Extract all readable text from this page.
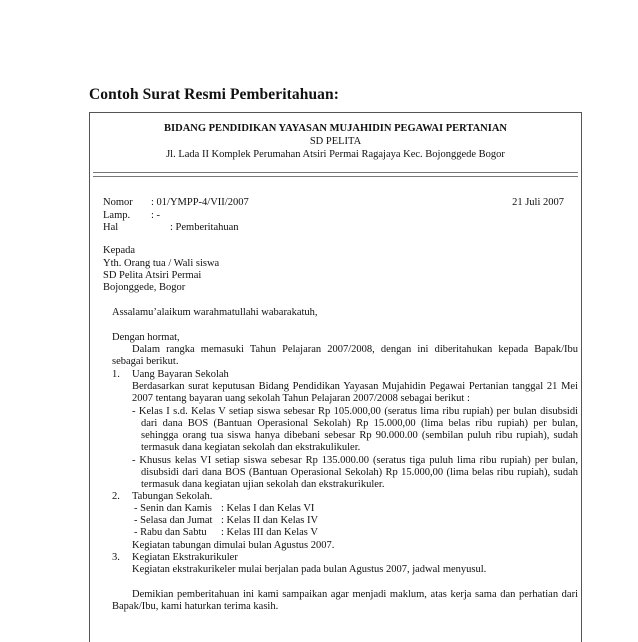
Contoh Surat Resmi Pemberitahuan:
BIDANG PENDIDIKAN YAYASAN MUJAHIDIN PEGAWAI PERTANIAN
SD PELITA
Jl. Lada II Komplek Perumahan Atsiri Permai Ragajaya Kec. Bojonggede Bogor
Nomor : 01/YMPP-4/VII/2007	21 Juli 2007
Lamp. : -
Hal	: Pemberitahuan
Kepada
Yth. Orang tua / Wali siswa
SD Pelita Atsiri Permai
Bojonggede, Bogor
Assalamu’alaikum warahmatullahi wabarakatuh,
Dengan hormat,
Dalam rangka memasuki Tahun Pelajaran 2007/2008, dengan ini diberitahukan kepada Bapak/Ibu
sebagai berikut.
1. Uang Bayaran Sekolah
Berdasarkan surat keputusan Bidang Pendidikan Yayasan Mujahidin Pegawai Pertanian tanggal 21 Mei
2007 tentang bayaran uang sekolah Tahun Pelajaran 2007/2008 sebagai berikut :
- Kelas I s.d. Kelas V setiap siswa sebesar Rp 105.000,00 (seratus lima ribu rupiah) per bulan disubsidi
dari dana BOS (Bantuan Operasional Sekolah) Rp 15.000,00 (lima belas ribu rupiah) per bulan,
sehingga orang tua siswa hanya dibebani sebesar Rp 90.000.00 (sembilan puluh ribu rupiah), sudah
termasuk dana kegiatan sekolah dan ekstrakulikuler.
- Khusus kelas VI setiap siswa sebesar Rp 135.000.00 (seratus tiga puluh lima ribu rupiah) per bulan,
disubsidi dari dana BOS (Bantuan Operasional Sekolah) Rp 15.000,00 (lima belas ribu rupiah), sudah
termasuk dana kegiatan ujian sekolah dan ekstrakurikuler.
2. Tabungan Sekolah.
- Senin dan Kamis : Kelas I dan Kelas VI
- Selasa dan Jumat : Kelas II dan Kelas IV
- Rabu dan Sabtu : Kelas III dan Kelas V
Kegiatan tabungan dimulai bulan Agustus 2007.
3. Kegiatan Ekstrakurikuler
Kegiatan ekstrakurikeler mulai berjalan pada bulan Agustus 2007, jadwal menyusul.
Demikian pemberitahuan ini kami sampaikan agar menjadi maklum, atas kerja sama dan perhatian dari
Bapak/Ibu, kami haturkan terima kasih.
